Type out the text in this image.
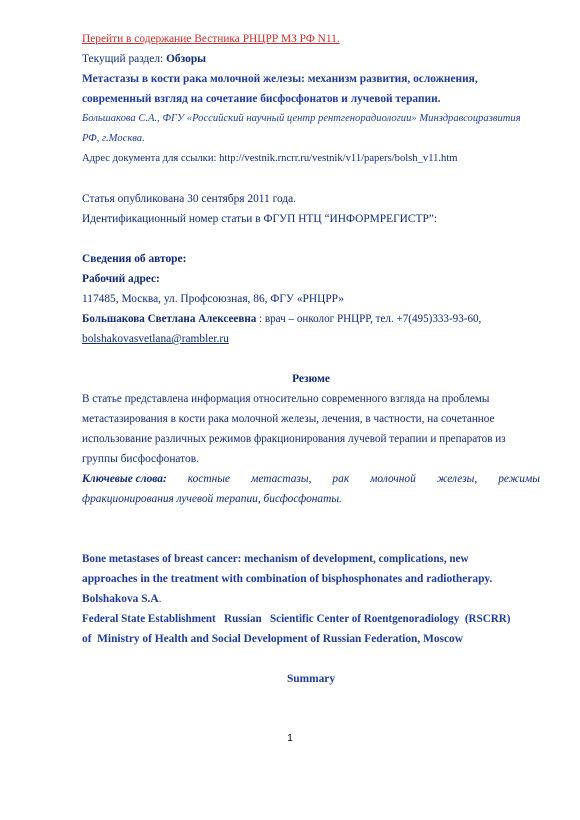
Перейти в содержание Вестника РНЦРР МЗ РФ N11.
Текущий раздел: Обзоры
Метастазы в кости рака молочной железы: механизм развития, осложнения,
современный взгляд на сочетание бисфосфонатов и лучевой терапии.
Большакова С.А., ФГУ «Российский научный центр рентгенорадиологии» Минздравсоцразвития
РФ, г.Москва.
Адрес документа для ссылки: http://vestnik.rncrr.ru/vestnik/v11/papers/bolsh_v11.htm
Статья опубликована 30 сентября 2011 года.
Идентификационный номер статьи в ФГУП НТЦ “ИНФОРМРЕГИСТР”:
Сведения об авторе:
Рабочий адрес:
117485, Москва, ул. Профсоюзная, 86, ФГУ «РНЦРР»
Большакова Светлана Алексеевна : врач – онколог РНЦРР, тел. +7(495)333-93-60,
bolshakovasvetlana@rambler.ru
Резюме
В статье представлена информация относительно современного взгляда на проблемы
метастазирования в кости рака молочной железы, лечения, в частности, на сочетанное
использование различных режимов фракционирования лучевой терапии и препаратов из
группы бисфосфонатов.
Ключевые слова: костные метастазы, рак молочной железы, режимы
фракционирования лучевой терапии, бисфосфонаты.
Bone metastases of breast cancer: mechanism of development, complications, new
approaches in the treatment with combination of bisphosphonates and radiotherapy.
Bolshakova S.A.
Federal State Establishment   Russian   Scientific Center of Roentgenoradiology  (RSCRR)
of  Ministry of Health and Social Development of Russian Federation, Moscow
Summary
1
